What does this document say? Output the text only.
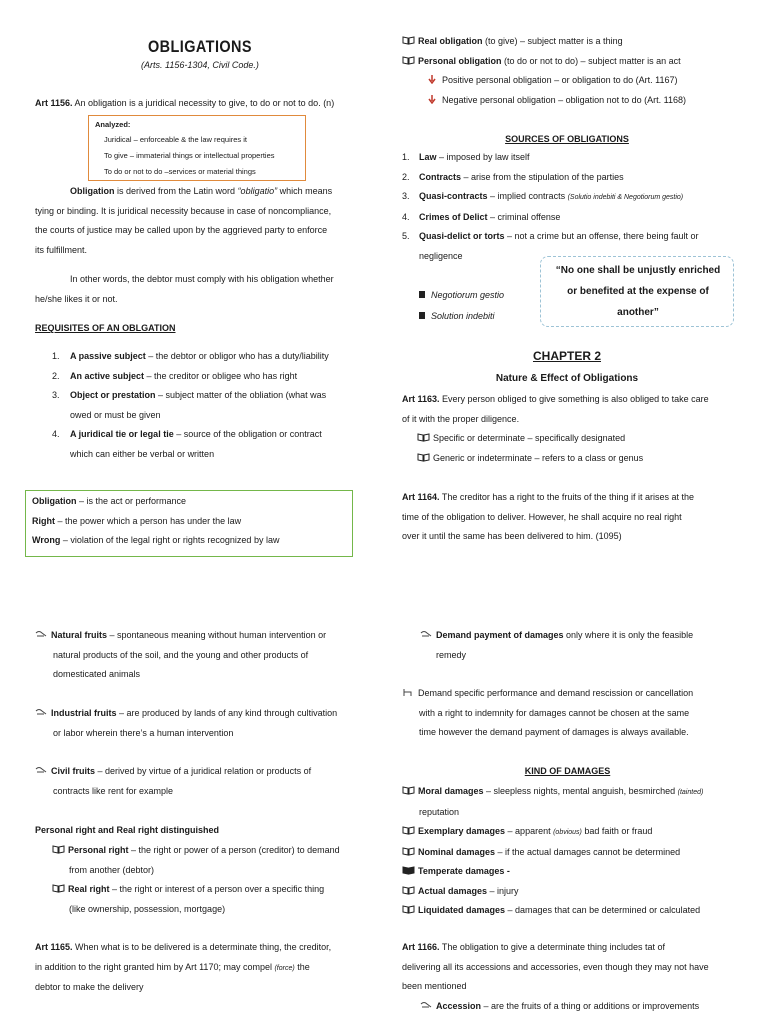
OBLIGATIONS
(Arts. 1156-1304, Civil Code.)
Art 1156. An obligation is a juridical necessity to give, to do or not to do. (n)
Analyzed:
Juridical – enforceable & the law requires it
To give – immaterial things or intellectual properties
To do or not to do –services or material things
Obligation is derived from the Latin word “obligatio” which means
tying or binding. It is juridical necessity because in case of noncompliance,
the courts of justice may be called upon by the aggrieved party to enforce
its fulfillment.
In other words, the debtor must comply with his obligation whether
he/she likes it or not.
REQUISITES OF AN OBLGATION
1. A passive subject – the debtor or obligor who has a duty/liability
2. An active subject – the creditor or obligee who has right
3. Object or prestation – subject matter of the obliation (what was
owed or must be given
4. A juridical tie or legal tie – source of the obligation or contract
which can either be verbal or written
Obligation – is the act or performance
Right – the power which a person has under the law
Wrong – violation of the legal right or rights recognized by law
Real obligation (to give) – subject matter is a thing
Personal obligation (to do or not to do) – subject matter is an act
Positive personal obligation – or obligation to do (Art. 1167)
Negative personal obligation – obligation not to do (Art. 1168)
SOURCES OF OBLIGATIONS
1. Law – imposed by law itself
2. Contracts – arise from the stipulation of the parties
3. Quasi-contracts – implied contracts (Solutio indebiti & Negotiorum gestio)
4. Crimes of Delict – criminal offense
5. Quasi-delict or torts – not a crime but an offense, there being fault or
negligence
“No one shall be unjustly enriched
or benefited at the expense of
another”
Negotiorum gestio
Solution indebiti
CHAPTER 2
Nature & Effect of Obligations
Art 1163. Every person obliged to give something is also obliged to take care
of it with the proper diligence.
Specific or determinate – specifically designated
Generic or indeterminate – refers to a class or genus
Art 1164. The creditor has a right to the fruits of the thing if it arises at the
time of the obligation to deliver. However, he shall acquire no real right
over it until the same has been delivered to him. (1095)
Natural fruits – spontaneous meaning without human intervention or
natural products of the soil, and the young and other products of
domesticated animals
Industrial fruits – are produced by lands of any kind through cultivation
or labor wherein there’s a human intervention
Civil fruits – derived by virtue of a juridical relation or products of
contracts like rent for example
Personal right and Real right distinguished
Personal right – the right or power of a person (creditor) to demand
from another (debtor)
Real right – the right or interest of a person over a specific thing
(like ownership, possession, mortgage)
Art 1165. When what is to be delivered is a determinate thing, the creditor,
in addition to the right granted him by Art 1170; may compel (force) the
debtor to make the delivery
Demand payment of damages only where it is only the feasible
remedy
Demand specific performance and demand rescission or cancellation
with a right to indemnity for damages cannot be chosen at the same
time however the demand payment of damages is always available.
KIND OF DAMAGES
Moral damages – sleepless nights, mental anguish, besmirched (tainted)
reputation
Exemplary damages – apparent (obvious) bad faith or fraud
Nominal damages – if the actual damages cannot be determined
Temperate damages -
Actual damages – injury
Liquidated damages – damages that can be determined or calculated
Art 1166. The obligation to give a determinate thing includes tat of
delivering all its accessions and accessories, even though they may not have
been mentioned
Accession – are the fruits of a thing or additions or improvements
